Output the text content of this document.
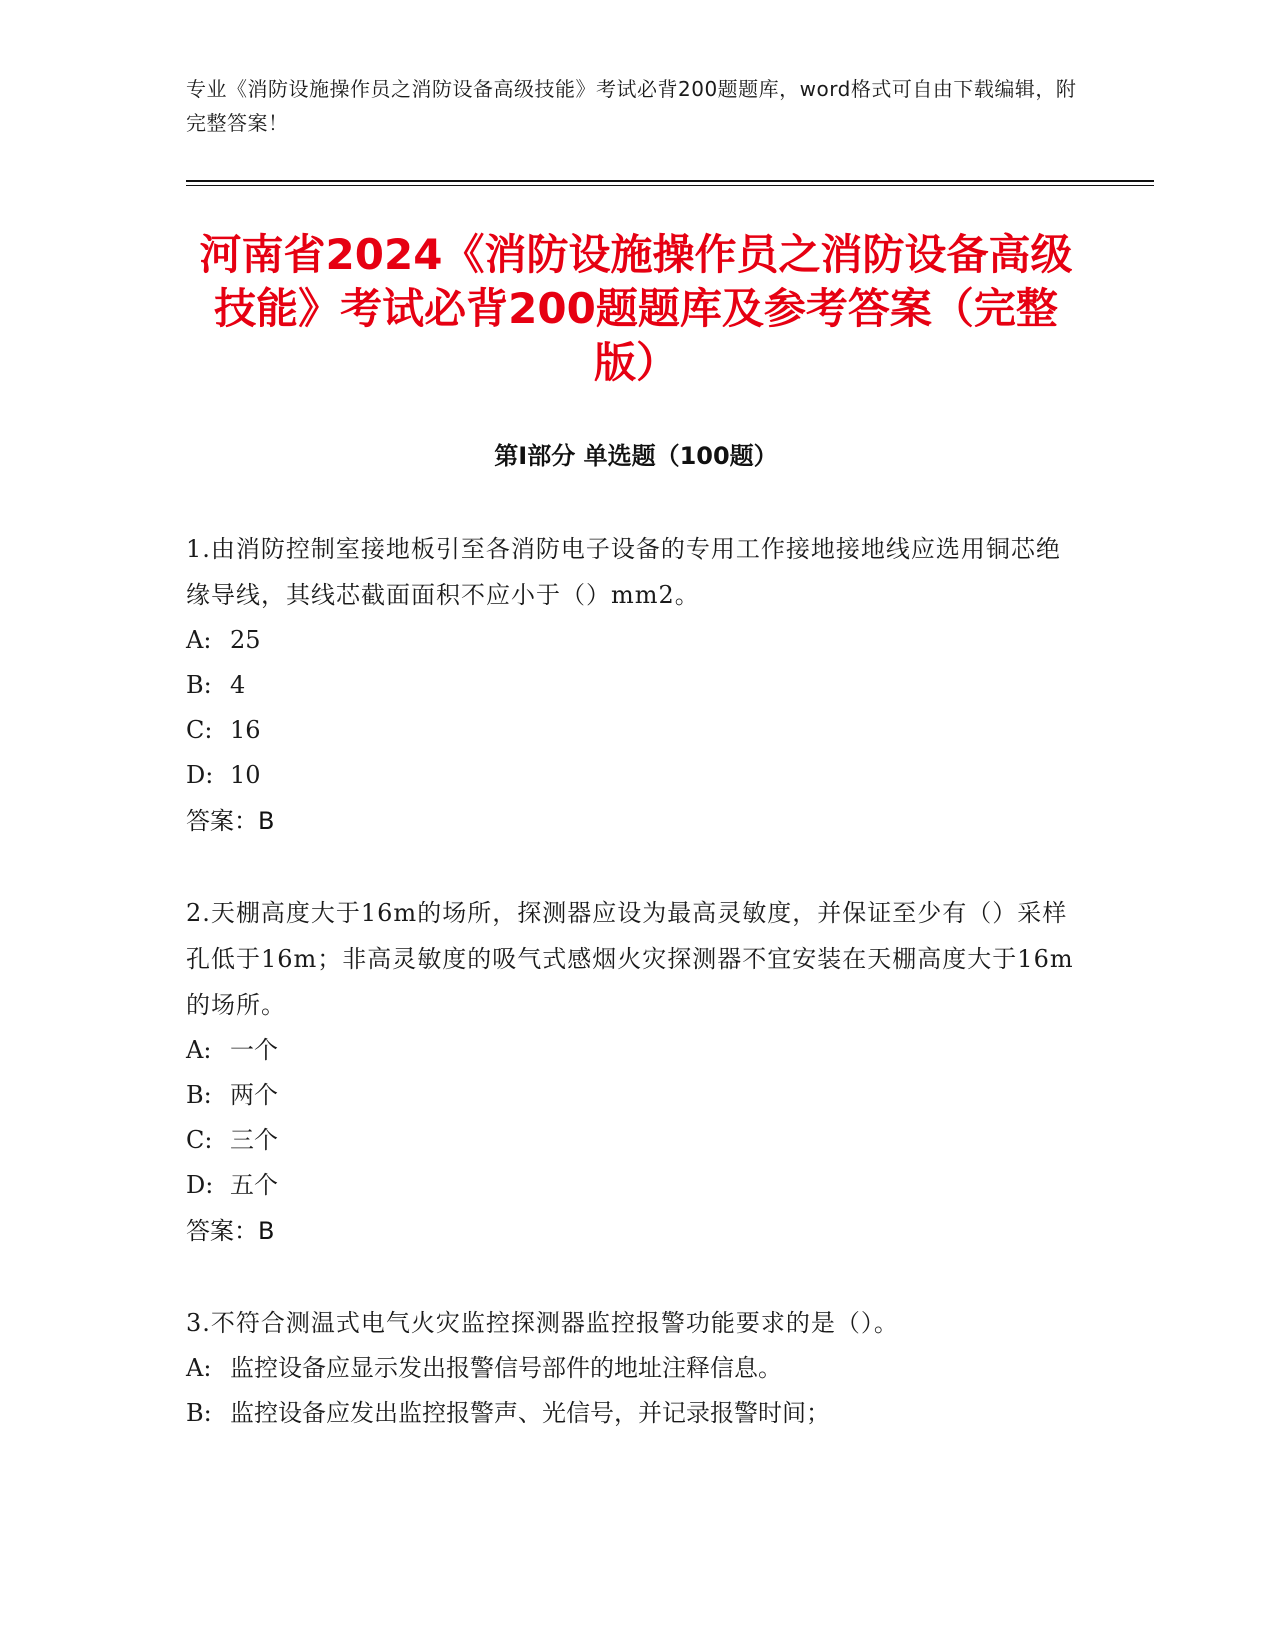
专业《消防设施操作员之消防设备高级技能》考试必背200题题库，word格式可自由下载编辑，附完整答案！
河南省2024《消防设施操作员之消防设备高级技能》考试必背200题题库及参考答案（完整版）
第I部分 单选题（100题）
1.由消防控制室接地板引至各消防电子设备的专用工作接地接地线应选用铜芯绝缘导线，其线芯截面面积不应小于（）mm2。
A: 25
B: 4
C: 16
D: 10
答案：B
2.天棚高度大于16m的场所，探测器应设为最高灵敏度，并保证至少有（）采样孔低于16m；非高灵敏度的吸气式感烟火灾探测器不宜安装在天棚高度大于16m的场所。
A: 一个
B: 两个
C: 三个
D: 五个
答案：B
3.不符合测温式电气火灾监控探测器监控报警功能要求的是（）。
A: 监控设备应显示发出报警信号部件的地址注释信息。
B: 监控设备应发出监控报警声、光信号，并记录报警时间；
